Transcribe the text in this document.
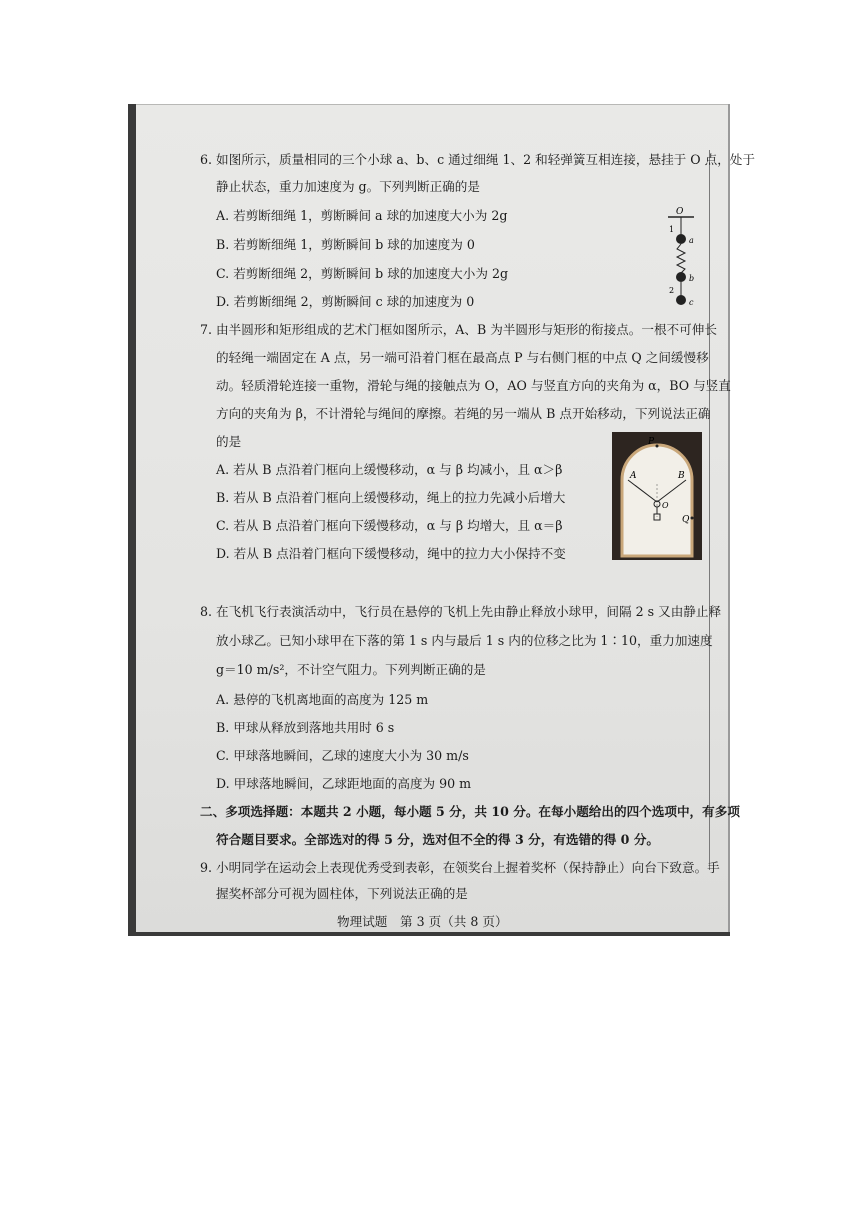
6. 如图所示，质量相同的三个小球 a、b、c 通过细绳 1、2 和轻弹簧互相连接，悬挂于 O 点，处于
静止状态，重力加速度为 g。下列判断正确的是
A. 若剪断细绳 1，剪断瞬间 a 球的加速度大小为 2g
B. 若剪断细绳 1，剪断瞬间 b 球的加速度为 0
C. 若剪断细绳 2，剪断瞬间 b 球的加速度大小为 2g
D. 若剪断细绳 2，剪断瞬间 c 球的加速度为 0
O
1
a
b
2
c
7. 由半圆形和矩形组成的艺术门框如图所示，A、B 为半圆形与矩形的衔接点。一根不可伸长
的轻绳一端固定在 A 点，另一端可沿着门框在最高点 P 与右侧门框的中点 Q 之间缓慢移
动。轻质滑轮连接一重物，滑轮与绳的接触点为 O，AO 与竖直方向的夹角为 α，BO 与竖直
方向的夹角为 β，不计滑轮与绳间的摩擦。若绳的另一端从 B 点开始移动，下列说法正确
的是
A. 若从 B 点沿着门框向上缓慢移动，α 与 β 均减小，且 α＞β
B. 若从 B 点沿着门框向上缓慢移动，绳上的拉力先减小后增大
C. 若从 B 点沿着门框向下缓慢移动，α 与 β 均增大，且 α＝β
D. 若从 B 点沿着门框向下缓慢移动，绳中的拉力大小保持不变
P
A	B
O
Q
8. 在飞机飞行表演活动中，飞行员在悬停的飞机上先由静止释放小球甲，间隔 2 s 又由静止释
放小球乙。已知小球甲在下落的第 1 s 内与最后 1 s 内的位移之比为 1∶10，重力加速度
g＝10 m/s²，不计空气阻力。下列判断正确的是
A. 悬停的飞机离地面的高度为 125 m
B. 甲球从释放到落地共用时 6 s
C. 甲球落地瞬间，乙球的速度大小为 30 m/s
D. 甲球落地瞬间，乙球距地面的高度为 90 m
二、多项选择题：本题共 2 小题，每小题 5 分，共 10 分。在每小题给出的四个选项中，有多项
符合题目要求。全部选对的得 5 分，选对但不全的得 3 分，有选错的得 0 分。
9. 小明同学在运动会上表现优秀受到表彰，在领奖台上握着奖杯（保持静止）向台下致意。手
握奖杯部分可视为圆柱体，下列说法正确的是
物理试题　第 3 页（共 8 页）
